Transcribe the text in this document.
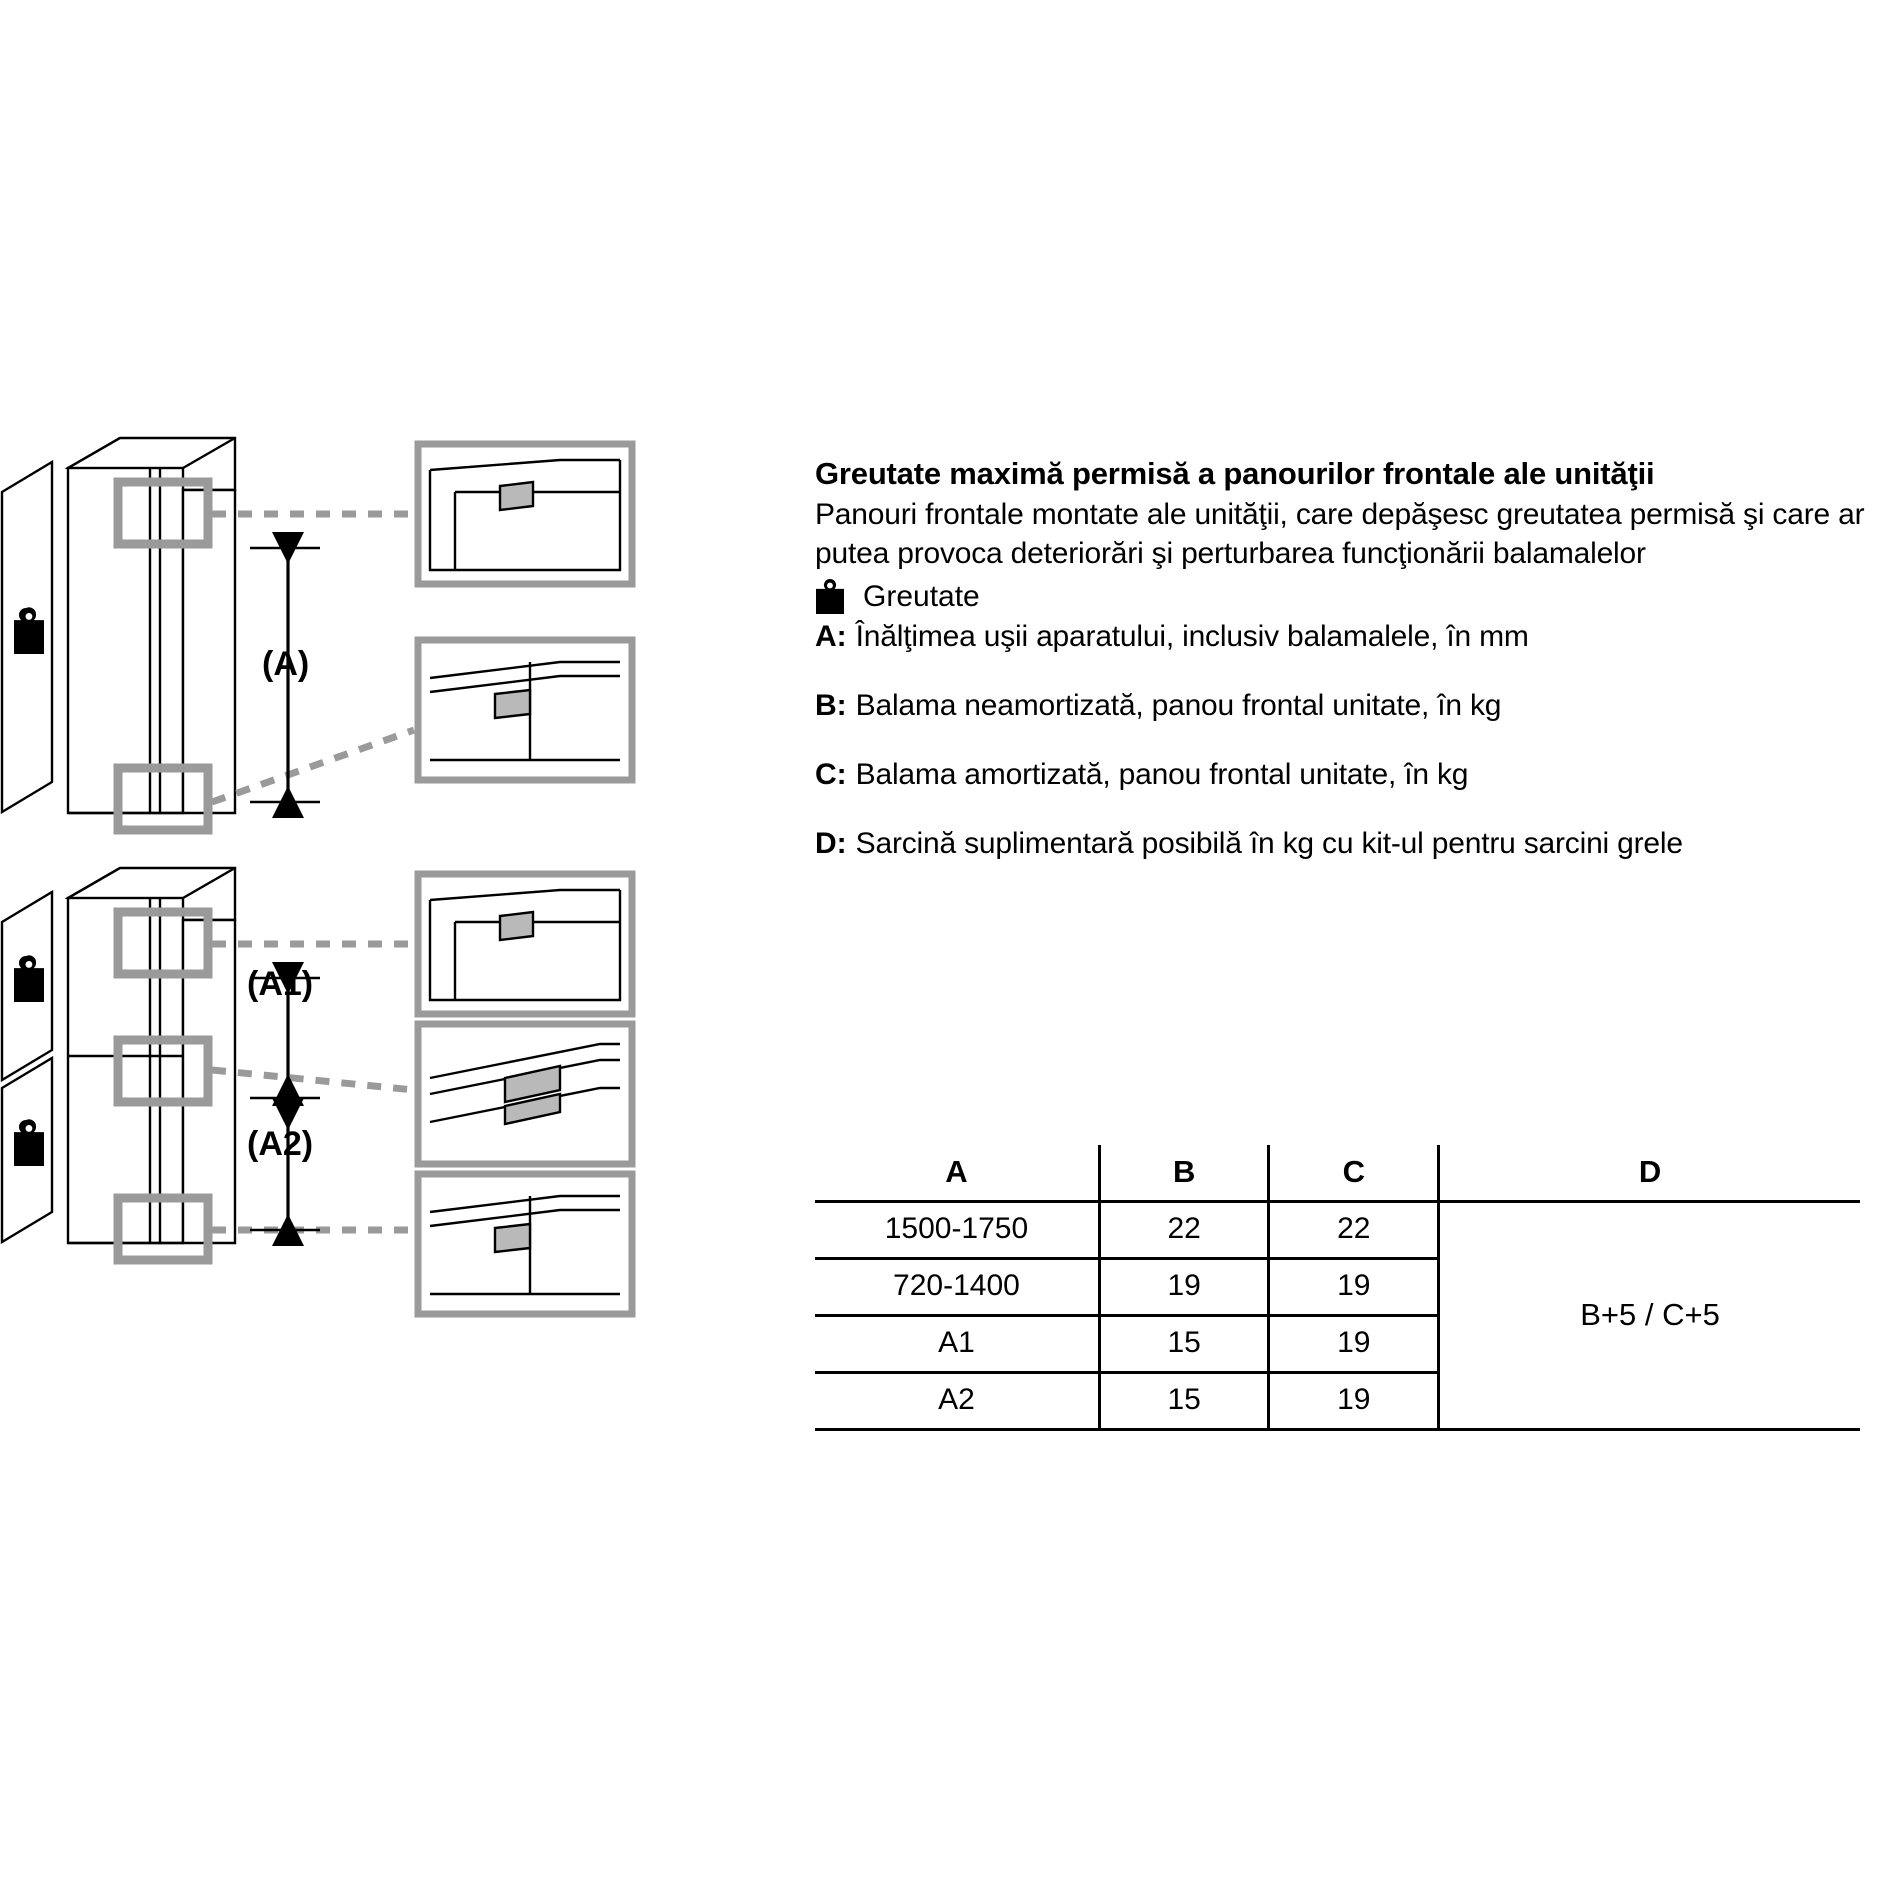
(A)
(A1)
(A2)
Greutate maximă permisă a panourilor frontale ale unităţii

Panouri frontale montate ale unităţii, care depăşesc greutatea permisă şi care ar putea provoca deteriorări şi perturbarea funcţionării balamalelor

Greutate
A: Înălţimea uşii aparatului, inclusiv balamalele, în mm
B: Balama neamortizată, panou frontal unitate, în kg
C: Balama amortizată, panou frontal unitate, în kg
D: Sarcină suplimentară posibilă în kg cu kit-ul pentru sarcini grele
A	B	C	D
1500-1750	22	22	B+5 / C+5
720-1400	19	19	
A1	15	19	
A2	15	19	
